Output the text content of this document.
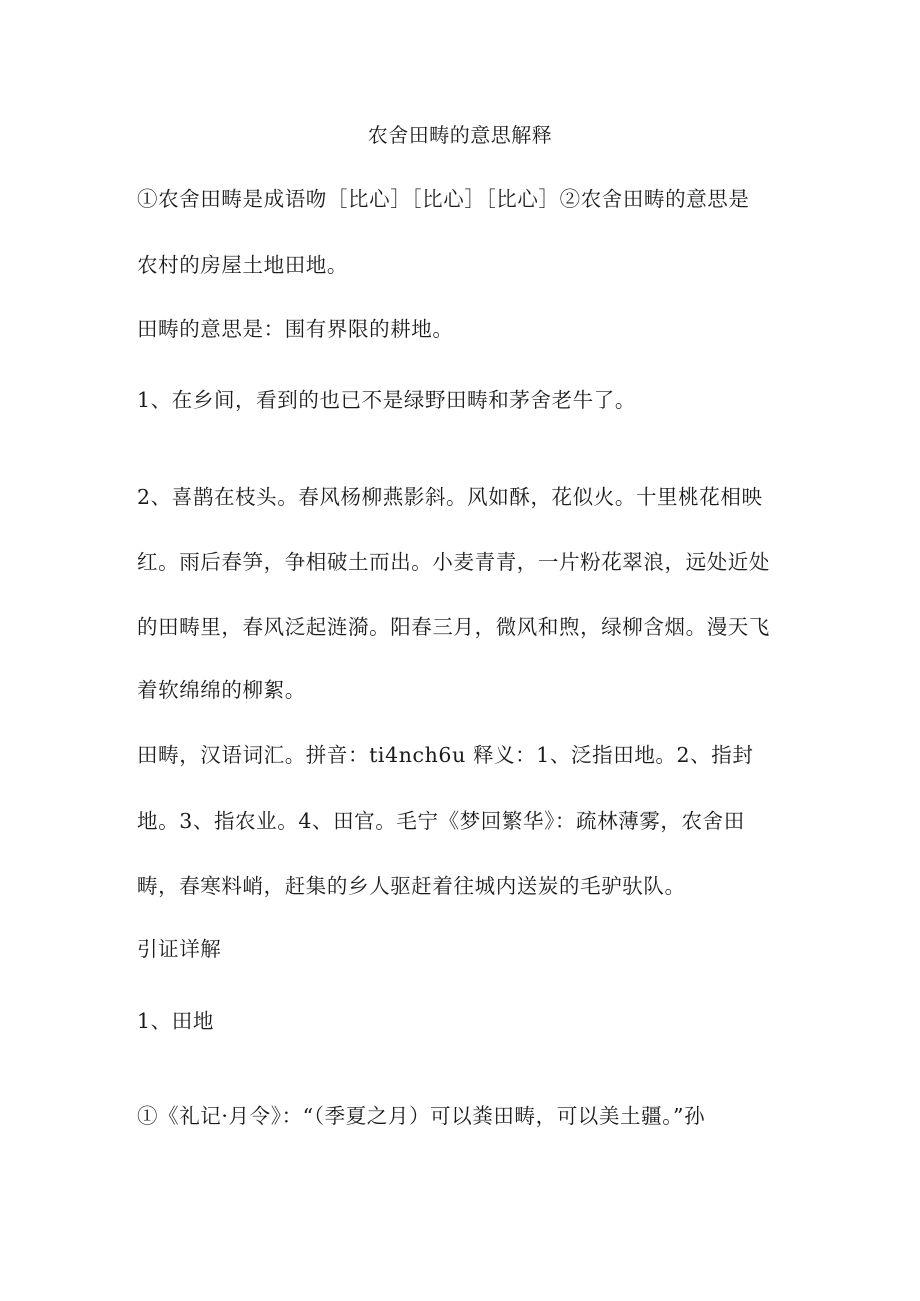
农舍田畴的意思解释
①农舍田畴是成语吻［比心］［比心］［比心］②农舍田畴的意思是
农村的房屋土地田地。
田畴的意思是：围有界限的耕地。
1、在乡间，看到的也已不是绿野田畴和茅舍老牛了。
2、喜鹊在枝头。春风杨柳燕影斜。风如酥，花似火。十里桃花相映
红。雨后春笋，争相破土而出。小麦青青，一片粉花翠浪，远处近处
的田畴里，春风泛起涟漪。阳春三月，微风和煦，绿柳含烟。漫天飞
着软绵绵的柳絮。
田畴，汉语词汇。拼音：ti4nch6u 释义：1、泛指田地。2、指封
地。3、指农业。4、田官。毛宁《梦回繁华》：疏林薄雾，农舍田
畴，春寒料峭，赶集的乡人驱赶着往城内送炭的毛驴驮队。
引证详解
1、田地
①《礼记·月令》：“（季夏之月）可以粪田畴，可以美土疆。”孙
